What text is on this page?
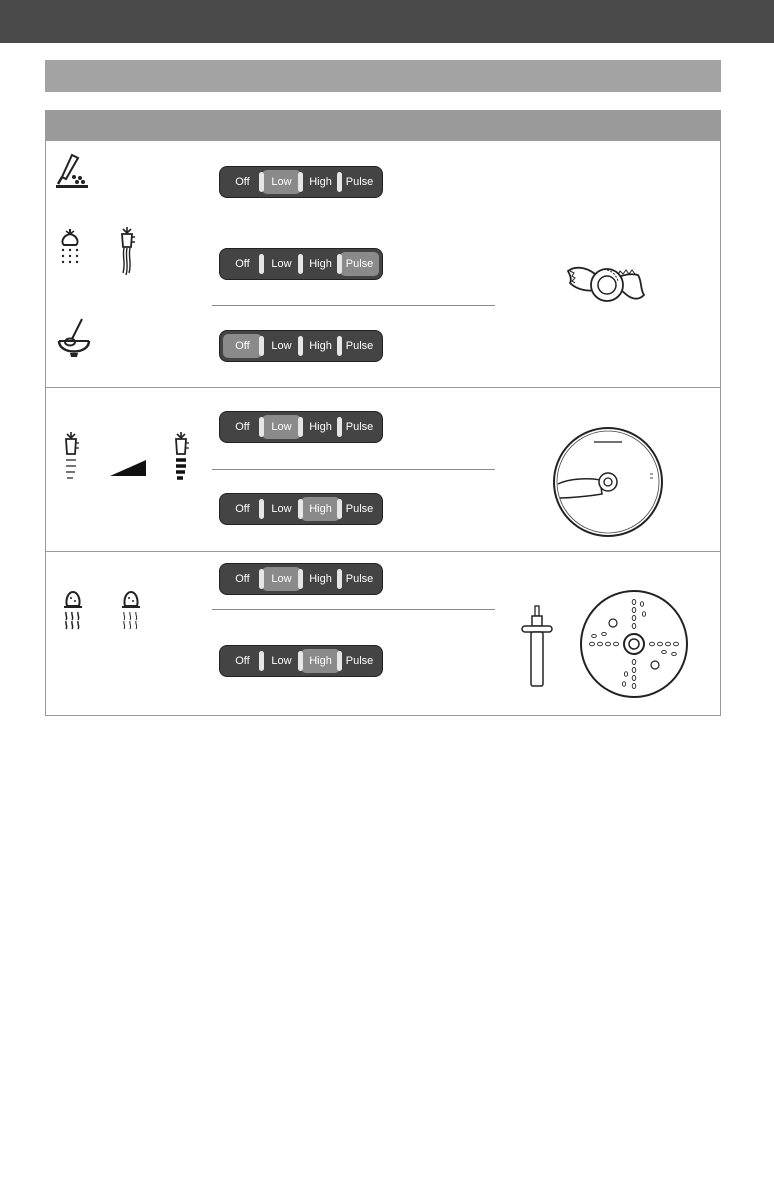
Off	Low	High	Pulse
Off	Low	High	Pulse
Off	Low	High	Pulse
Off	Low	High	Pulse
Off	Low	High	Pulse
Off	Low	High	Pulse
Off	Low	High	Pulse
